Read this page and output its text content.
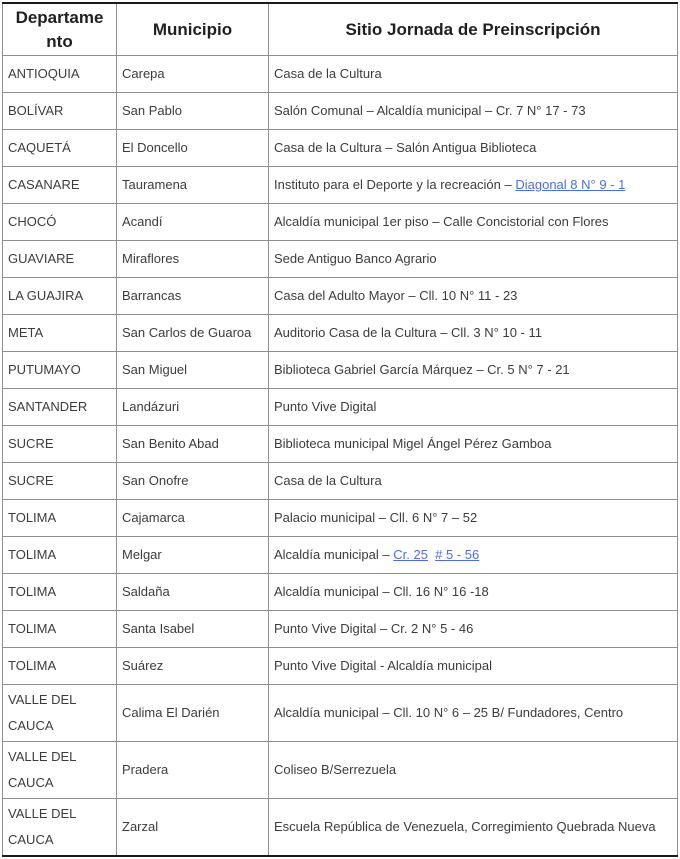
Departamento	Municipio	Sitio Jornada de Preinscripción
ANTIOQUIA	Carepa	Casa de la Cultura
BOLÍVAR	San Pablo	Salón Comunal – Alcaldía municipal – Cr. 7 N° 17 - 73
CAQUETÁ	El Doncello	Casa de la Cultura – Salón Antigua Biblioteca
CASANARE	Tauramena	Instituto para el Deporte y la recreación – Diagonal 8 N° 9 - 1
CHOCÓ	Acandí	Alcaldía municipal 1er piso – Calle Concistorial con Flores
GUAVIARE	Miraflores	Sede Antiguo Banco Agrario
LA GUAJIRA	Barrancas	Casa del Adulto Mayor – Cll. 10 N° 11 - 23
META	San Carlos de Guaroa	Auditorio Casa de la Cultura – Cll. 3 N° 10 - 11
PUTUMAYO	San Miguel	Biblioteca Gabriel García Márquez – Cr. 5 N° 7 - 21
SANTANDER	Landázuri	Punto Vive Digital
SUCRE	San Benito Abad	Biblioteca municipal Migel Ángel Pérez Gamboa
SUCRE	San Onofre	Casa de la Cultura
TOLIMA	Cajamarca	Palacio municipal – Cll. 6 N° 7 – 52
TOLIMA	Melgar	Alcaldía municipal – Cr. 25 # 5 - 56
TOLIMA	Saldaña	Alcaldía municipal – Cll. 16 N° 16 -18
TOLIMA	Santa Isabel	Punto Vive Digital – Cr. 2 N° 5 - 46
TOLIMA	Suárez	Punto Vive Digital - Alcaldía municipal
VALLE DEL CAUCA	Calima El Darién	Alcaldía municipal – Cll. 10 N° 6 – 25 B/ Fundadores, Centro
VALLE DEL CAUCA	Pradera	Coliseo B/Serrezuela
VALLE DEL CAUCA	Zarzal	Escuela República de Venezuela, Corregimiento Quebrada Nueva
